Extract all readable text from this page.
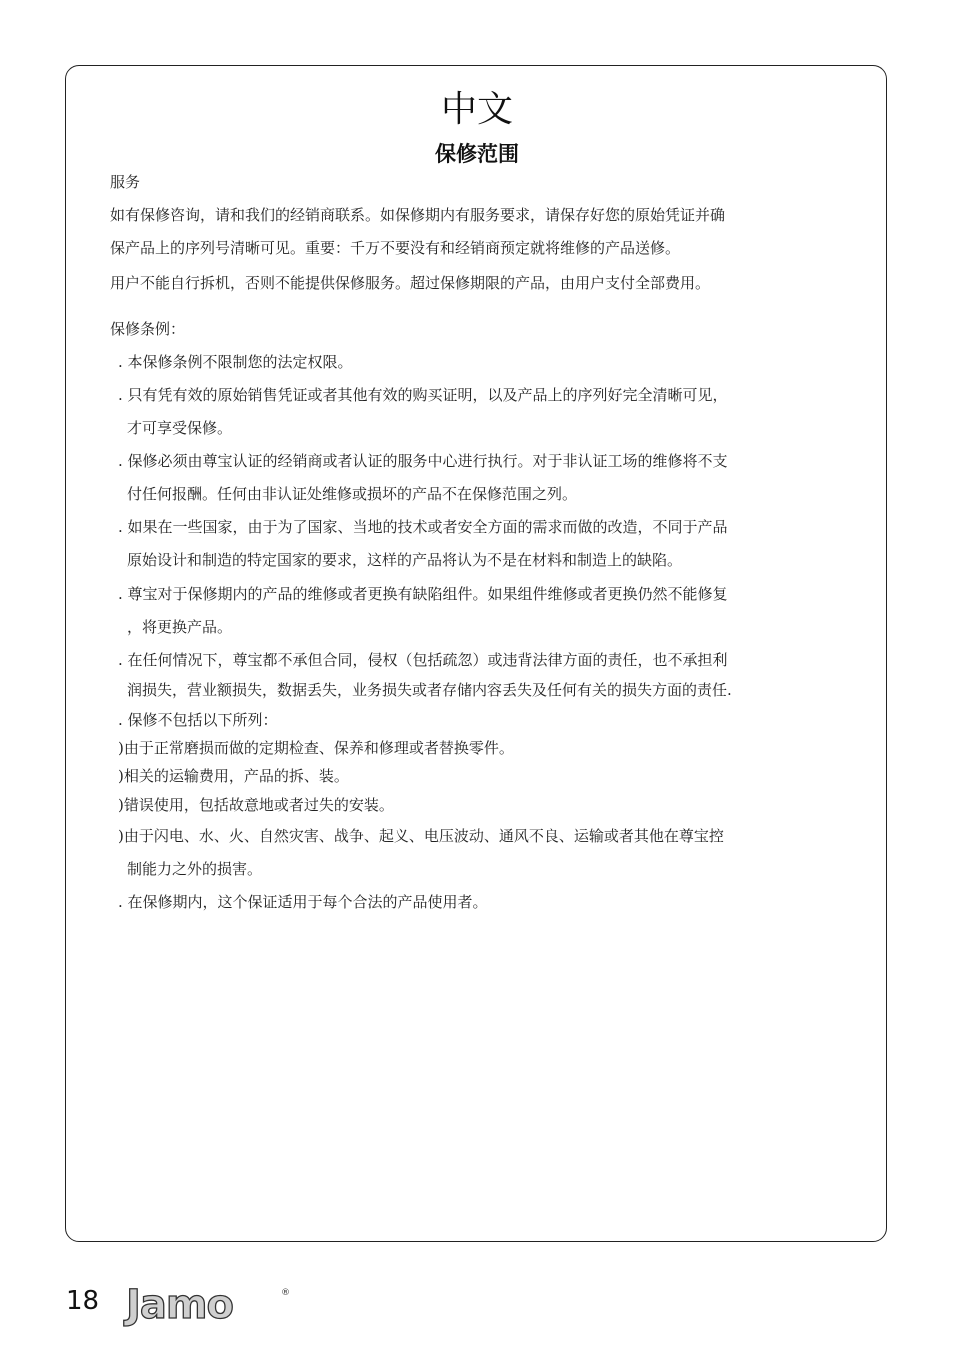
中文
保修范围
服务
如有保修咨询，请和我们的经销商联系。如保修期内有服务要求，请保存好您的原始凭证并确
保产品上的序列号清晰可见。重要：千万不要没有和经销商预定就将维修的产品送修。
用户不能自行拆机，否则不能提供保修服务。超过保修期限的产品，由用户支付全部费用。
保修条例：
. 本保修条例不限制您的法定权限。
. 只有凭有效的原始销售凭证或者其他有效的购买证明，以及产品上的序列好完全清晰可见，
才可享受保修。
. 保修必须由尊宝认证的经销商或者认证的服务中心进行执行。对于非认证工场的维修将不支
付任何报酬。任何由非认证处维修或损坏的产品不在保修范围之列。
. 如果在一些国家，由于为了国家、当地的技术或者安全方面的需求而做的改造，不同于产品
原始设计和制造的特定国家的要求，这样的产品将认为不是在材料和制造上的缺陷。
. 尊宝对于保修期内的产品的维修或者更换有缺陷组件。如果组件维修或者更换仍然不能修复
，将更换产品。
. 在任何情况下，尊宝都不承但合同，侵权（包括疏忽）或违背法律方面的责任，也不承担利
润损失，营业额损失，数据丢失，业务损失或者存储内容丢失及任何有关的损失方面的责任.
. 保修不包括以下所列：
)由于正常磨损而做的定期检查、保养和修理或者替换零件。
)相关的运输费用，产品的拆、装。
)错误使用，包括故意地或者过失的安装。
)由于闪电、水、火、自然灾害、战争、起义、电压波动、通风不良、运输或者其他在尊宝控
制能力之外的损害。
. 在保修期内，这个保证适用于每个合法的产品使用者。
18 Jamo	®
